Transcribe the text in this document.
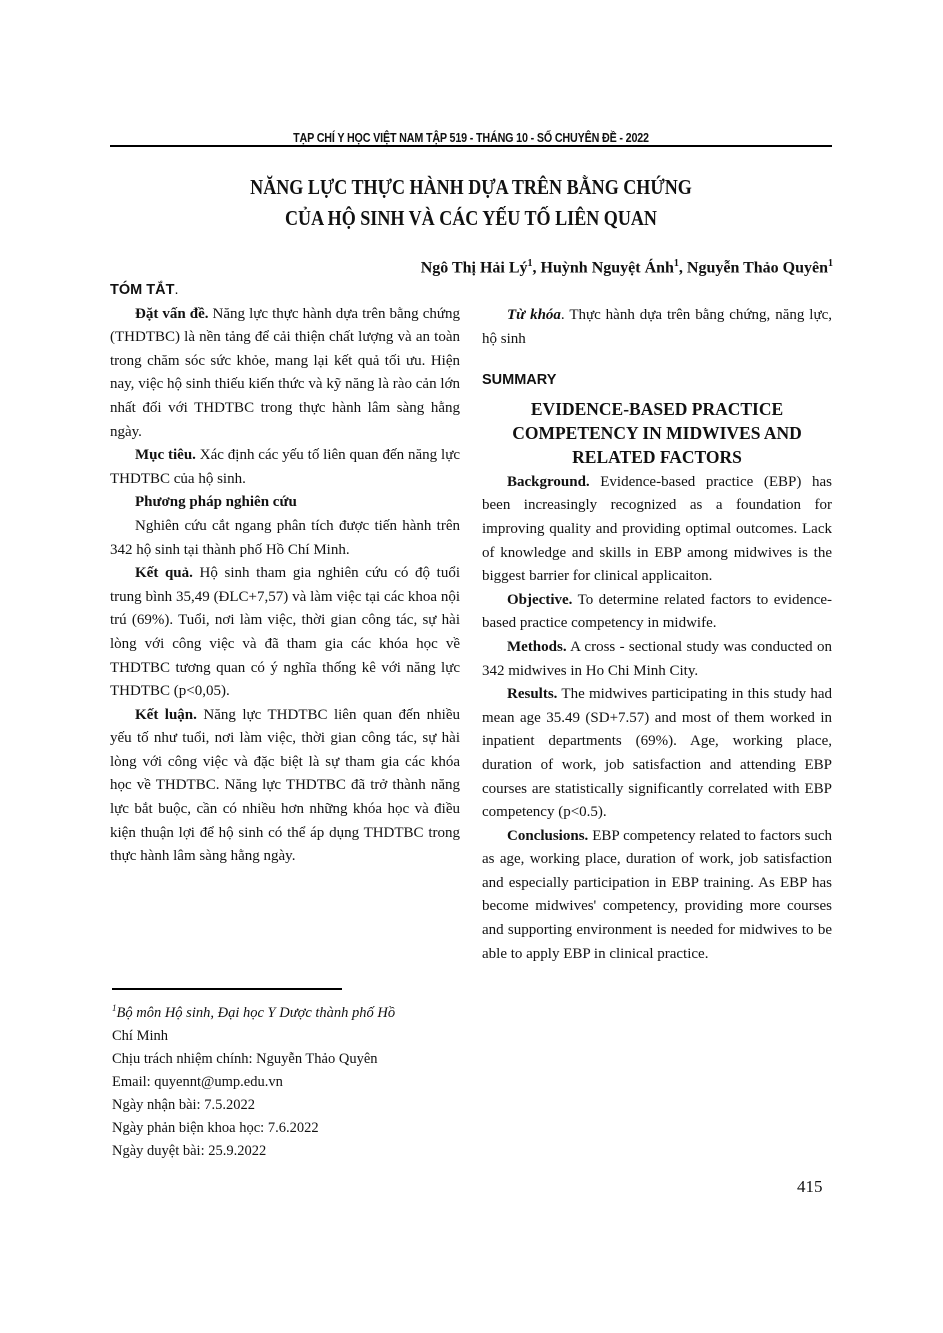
TẠP CHÍ Y HỌC VIỆT NAM TẬP 519 - THÁNG 10 - SỐ CHUYÊN ĐỀ - 2022
NĂNG LỰC THỰC HÀNH DỰA TRÊN BẰNG CHỨNG
CỦA HỘ SINH VÀ CÁC YẾU TỐ LIÊN QUAN
Ngô Thị Hải $Lý^1$, Huỳnh Nguyệt Ánh$^1$, Nguyễn Thảo Quyên$^1$

TÓM TẮT.

Đặt vấn đề. Năng lực thực hành dựa trên bằng chứng (THDTBC) là nền tảng để cải thiện chất lượng và an toàn trong chăm sóc sức khỏe, mang lại kết quả tối ưu. Hiện nay, việc hộ sinh thiếu kiến thức và kỹ năng là rào cản lớn nhất đối với THDTBC trong thực hành lâm sàng hằng ngày.

Mục tiêu. Xác định các yếu tố liên quan đến năng lực THDTBC của hộ sinh.

Phương pháp nghiên cứu

Nghiên cứu cắt ngang phân tích được tiến hành trên 342 hộ sinh tại thành phố Hồ Chí Minh.

Kết quả. Hộ sinh tham gia nghiên cứu có độ tuổi trung bình 35,49 (ĐLC+7,57) và làm việc tại các khoa nội trú (69%). Tuổi, nơi làm việc, thời gian công tác, sự hài lòng với công việc và đã tham gia các khóa học về THDTBC tương quan có ý nghĩa thống kê với năng lực THDTBC (p<0,05).

Kết luận. Năng lực THDTBC liên quan đến nhiều yếu tố như tuổi, nơi làm việc, thời gian công tác, sự hài lòng với công việc và đặc biệt là sự tham gia các khóa học về THDTBC. Năng lực THDTBC đã trở thành năng lực bắt buộc, cần có nhiều hơn những khóa học và điều kiện thuận lợi để hộ sinh có thể áp dụng THDTBC trong thực hành lâm sàng hằng ngày.

Từ khóa. Thực hành dựa trên bằng chứng, năng lực, hộ sinh

SUMMARY

EVIDENCE-BASED PRACTICE
COMPETENCY IN MIDWIVES AND
RELATED FACTORS

Background. Evidence-based practice (EBP) has been increasingly recognized as a foundation for improving quality and providing optimal outcomes. Lack of knowledge and skills in EBP among midwives is the biggest barrier for clinical applicaiton.

Objective. To determine related factors to evidence-based practice competency in midwife.

Methods. A cross - sectional study was conducted on 342 midwives in Ho Chi Minh City.

Results. The midwives participating in this study had mean age 35.49 (SD+7.57) and most of them worked in inpatient departments (69%). Age, working place, duration of work, job satisfaction and attending EBP courses are statistically significantly correlated with EBP competency (p<0.5).

Conclusions. EBP competency related to factors such as age, working place, duration of work, job satisfaction and especially participation in EBP training. As EBP has become midwives' competency, providing more courses and supporting environment is needed for midwives to be able to apply EBP in clinical practice.

$^1$Bộ môn Hộ sinh, Đại học Y Dược thành phố Hồ

Chí Minh

Chịu trách nhiệm chính: Nguyễn Thảo Quyên

Email: quyennt@ump.edu.vn

Ngày nhận bài: 7.5.2022

Ngày phản biện khoa học: 7.6.2022

Ngày duyệt bài: 25.9.2022

415
